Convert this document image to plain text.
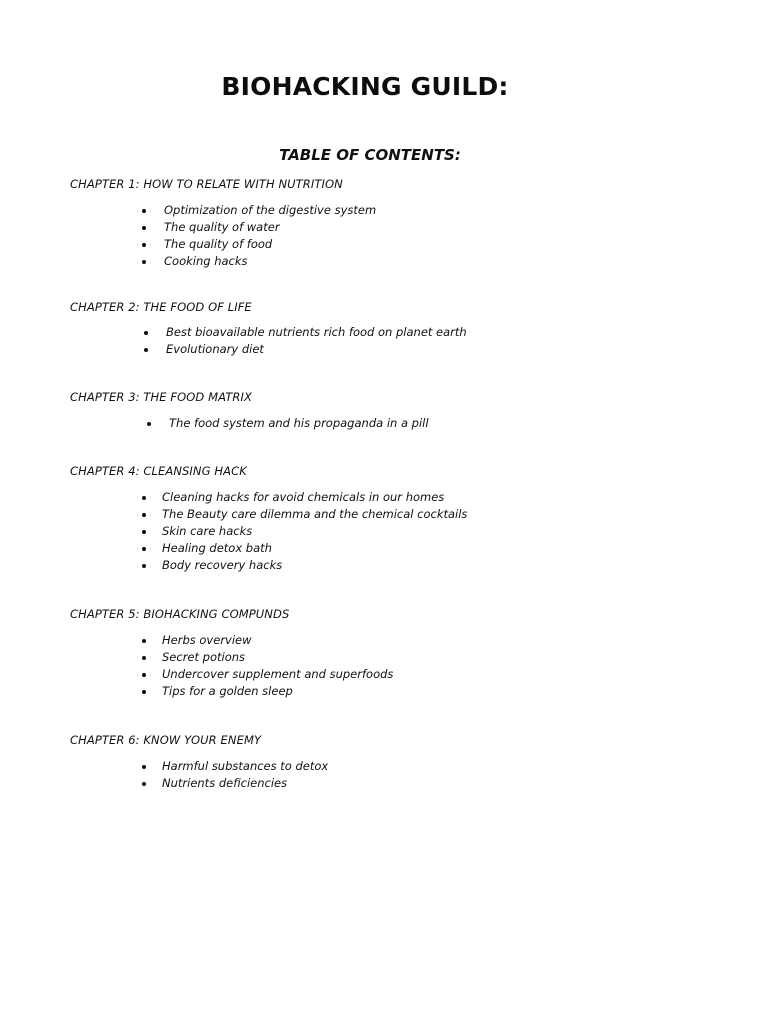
BIOHACKING GUILD:
TABLE OF CONTENTS:

CHAPTER 1: HOW TO RELATE WITH NUTRITION

Optimization of the digestive system
The quality of water
The quality of food
Cooking hacks

CHAPTER 2: THE FOOD OF LIFE

Best bioavailable nutrients rich food on planet earth
Evolutionary diet

CHAPTER 3: THE FOOD MATRIX

The food system and his propaganda in a pill

CHAPTER 4: CLEANSING HACK

Cleaning hacks for avoid chemicals in our homes
The Beauty care dilemma and the chemical cocktails
Skin care hacks
Healing detox bath
Body recovery hacks

CHAPTER 5: BIOHACKING COMPUNDS

Herbs overview
Secret potions
Undercover supplement and superfoods
Tips for a golden sleep

CHAPTER 6: KNOW YOUR ENEMY

Harmful substances to detox
Nutrients deficiencies
